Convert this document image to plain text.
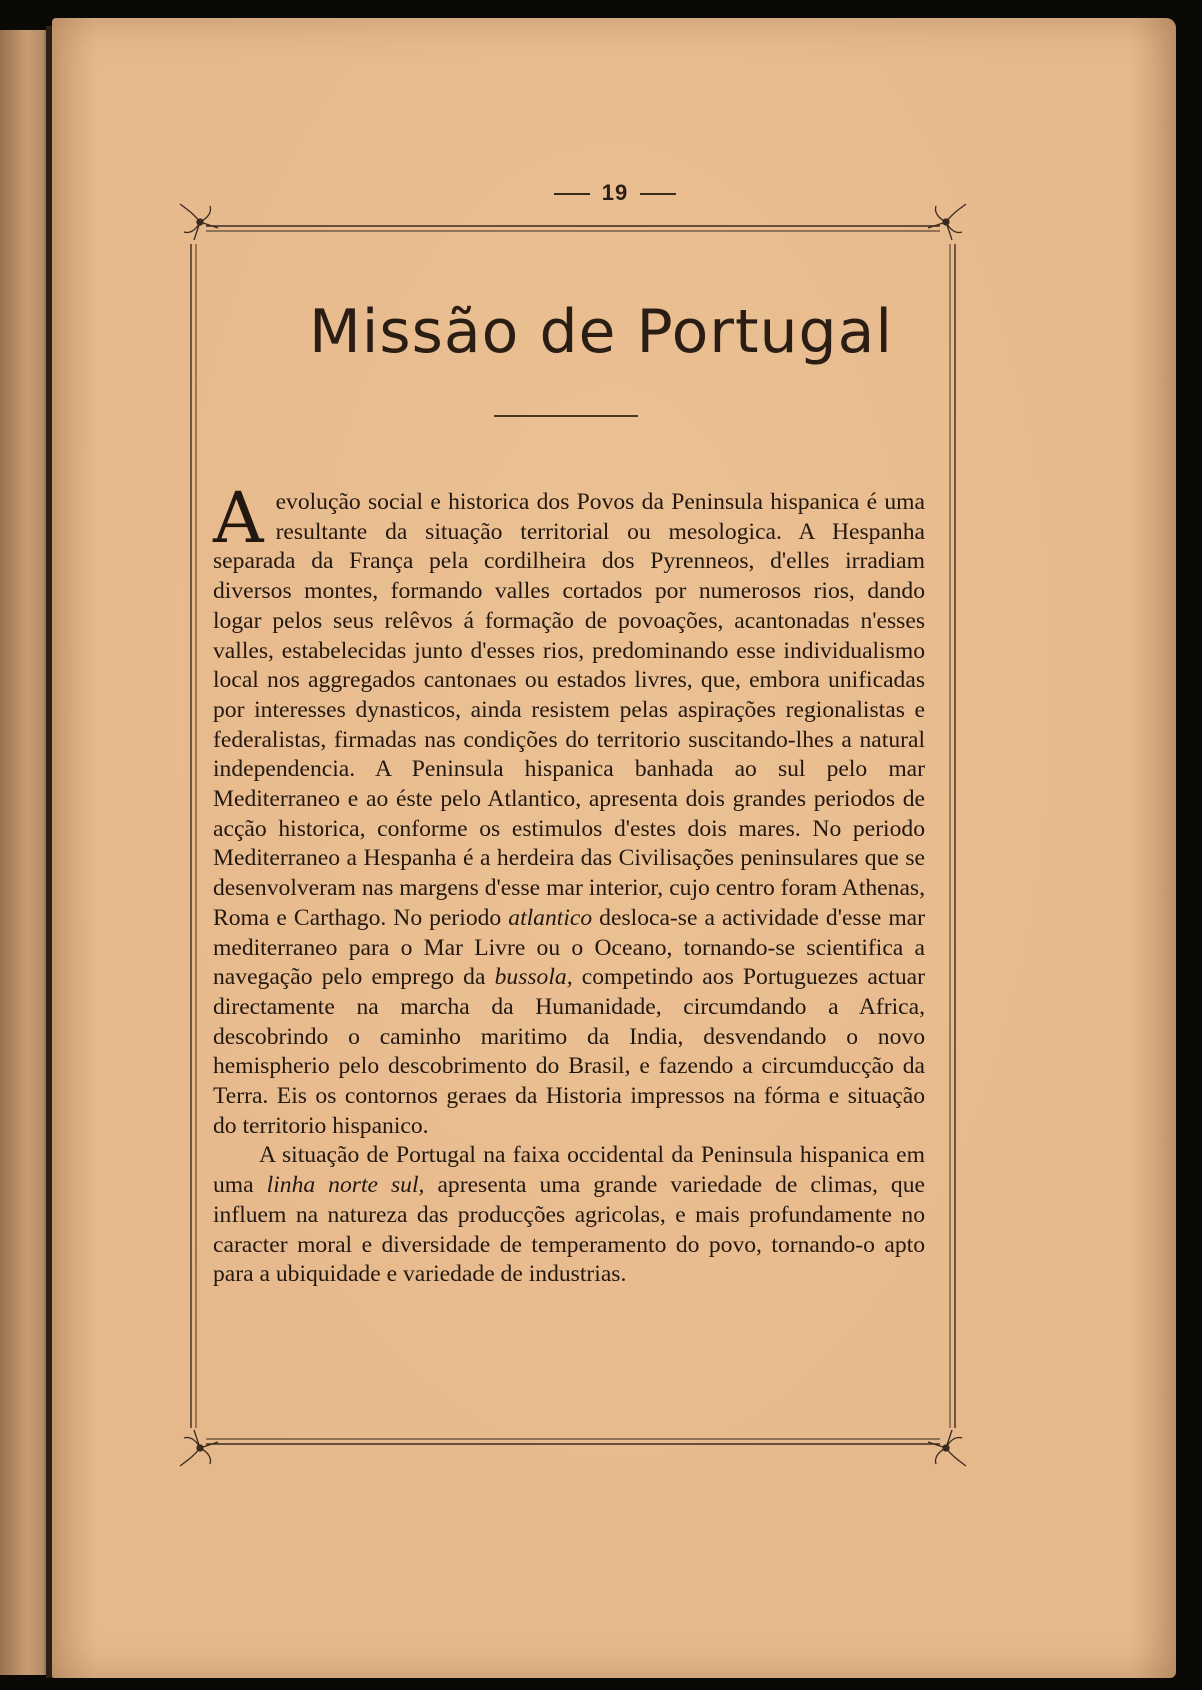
19
Missão de Portugal

Aevolução social e historica dos Povos da Peninsula hispanica é uma resultante da situação territorial ou mesologica. A Hespanha separada da França pela cordilheira dos Pyrenneos, d'elles irradiam diversos montes, formando valles cortados por numerosos rios, dando logar pelos seus relêvos á formação de povoações, acantonadas n'esses valles, estabelecidas junto d'esses rios, predominando esse individualismo local nos aggregados cantonaes ou estados livres, que, embora unificadas por interesses dynasticos, ainda resistem pelas aspirações regionalistas e federalistas, firmadas nas condições do territorio suscitando-lhes a natural independencia. A Peninsula hispanica banhada ao sul pelo mar Mediterraneo e ao éste pelo Atlantico, apresenta dois grandes periodos de acção historica, conforme os estimulos d'estes dois mares. No periodo Mediterraneo a Hespanha é a herdeira das Civilisações peninsulares que se desenvolveram nas margens d'esse mar interior, cujo centro foram Athenas, Roma e Carthago. No periodo atlantico desloca-se a actividade d'esse mar mediterraneo para o Mar Livre ou o Oceano, tornando-se scientifica a navegação pelo emprego da bussola, competindo aos Portuguezes actuar directamente na marcha da Humanidade, circumdando a Africa, descobrindo o caminho maritimo da India, desvendando o novo hemispherio pelo descobrimento do Brasil, e fazendo a circumducção da Terra. Eis os contornos geraes da Historia impressos na fórma e situação do territorio hispanico.

A situação de Portugal na faixa occidental da Peninsula hispanica em uma linha norte sul, apresenta uma grande variedade de climas, que influem na natureza das producções agricolas, e mais profundamente no caracter moral e diversidade de temperamento do povo, tornando-o apto para a ubiquidade e variedade de industrias.
